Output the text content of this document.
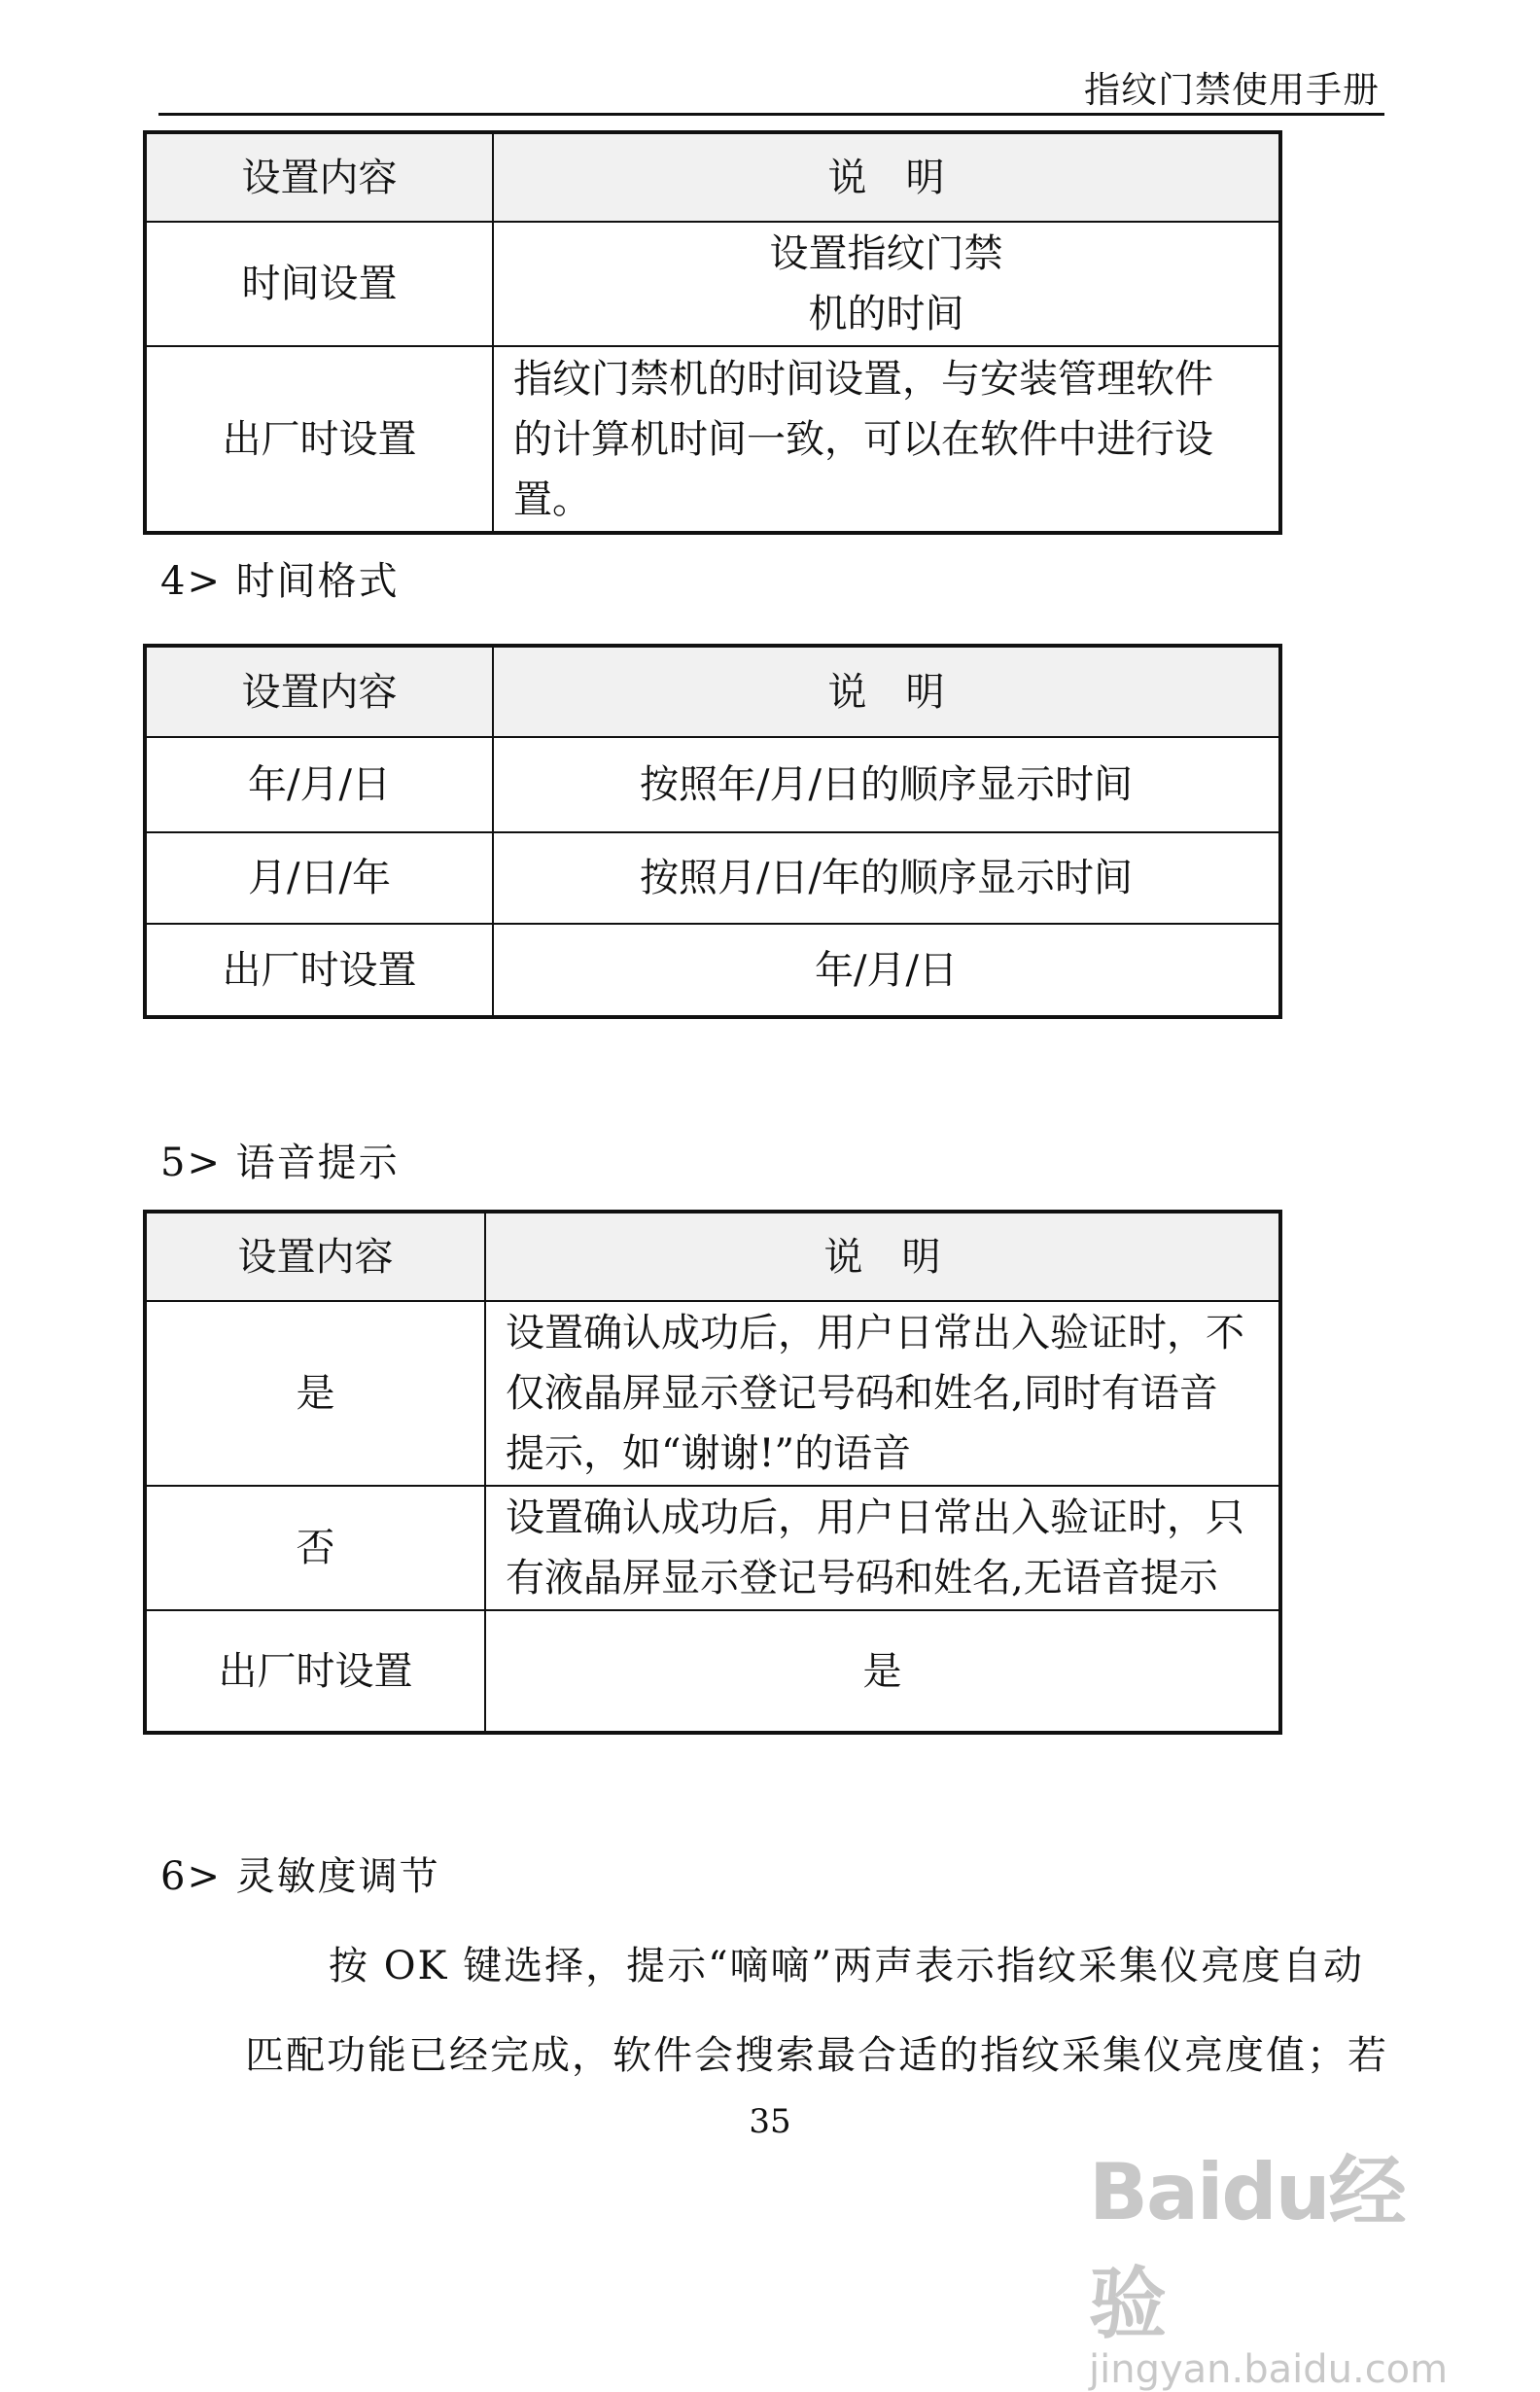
指纹门禁使用手册
设置内容	说　明
时间设置	设置指纹门禁
机的时间

出厂时设置	指纹门禁机的时间设置，与安装管理软件
的计算机时间一致，可以在软件中进行设
置。
4> 时间格式
设置内容	说　明
年/月/日	按照年/月/日的顺序显示时间
月/日/年	按照月/日/年的顺序显示时间
出厂时设置	年/月/日
5> 语音提示
设置内容	说　明
是	设置确认成功后，用户日常出入验证时，不
仅液晶屏显示登记号码和姓名,同时有语音
提示，如“谢谢!”的语音

否	设置确认成功后，用户日常出入验证时，只
有液晶屏显示登记号码和姓名,无语音提示

出厂时设置	是
6> 灵敏度调节
按 OK 键选择，提示“嘀嘀”两声表示指纹采集仪亮度自动
匹配功能已经完成，软件会搜索最合适的指纹采集仪亮度值；若
35
Baidu经验
jingyan.baidu.com
